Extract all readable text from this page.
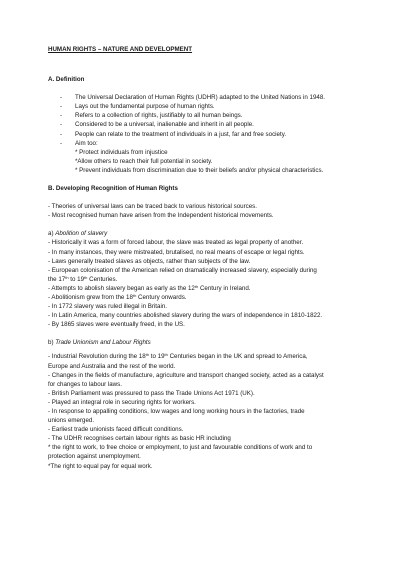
HUMAN RIGHTS – NATURE AND DEVELOPMENT
A. Definition
-	The Universal Declaration of Human Rights (UDHR) adapted to the United Nations in 1948.
-	Lays out the fundamental purpose of human rights.
-	Refers to a collection of rights, justifiably to all human beings.
-	Considered to be a universal, inalienable and inherit in all people.
-	People can relate to the treatment of individuals in a just, far and free society.
-	Aim too:
* Protect individuals from injustice
*Allow others to reach their full potential in society.
* Prevent individuals from discrimination due to their beliefs and/or physical characteristics.
B. Developing Recognition of Human Rights
- Theories of universal laws can be traced back to various historical sources.
- Most recognised human have arisen from the Independent historical movements.
a) Abolition of slavery
- Historically it was a form of forced labour, the slave was treated as legal property of another.
- In many instances, they were mistreated, brutalised, no real means of escape or legal rights.
- Laws generally treated slaves as objects, rather than subjects of the law.
- European colonisation of the American relied on dramatically increased slavery, especially during
the 17th to 19th Centuries.
- Attempts to abolish slavery began as early as the 12th Century in Ireland.
- Abolitionism grew from the 18th Century onwards.
- In 1772 slavery was ruled illegal in Britain.
- In Latin America, many countries abolished slavery during the wars of independence in 1810-1822.
- By 1865 slaves were eventually freed, in the US.
b) Trade Unionism and Labour Rights
- Industrial Revolution during the 18th to 19th Centuries began in the UK and spread to America,
Europe and Australia and the rest of the world.
- Changes in the fields of manufacture, agriculture and transport changed society, acted as a catalyst
for changes to labour laws.
- British Parliament was pressured to pass the Trade Unions Act 1971 (UK).
- Played an integral role in securing rights for workers.
- In response to appalling conditions, low wages and long working hours in the factories, trade
unions emerged.
- Earliest trade unionists faced difficult conditions.
- The UDHR recognises certain labour rights as basic HR including
* the right to work, to free choice or employment, to just and favourable conditions of work and to
protection against unemployment.
*The right to equal pay for equal work.
